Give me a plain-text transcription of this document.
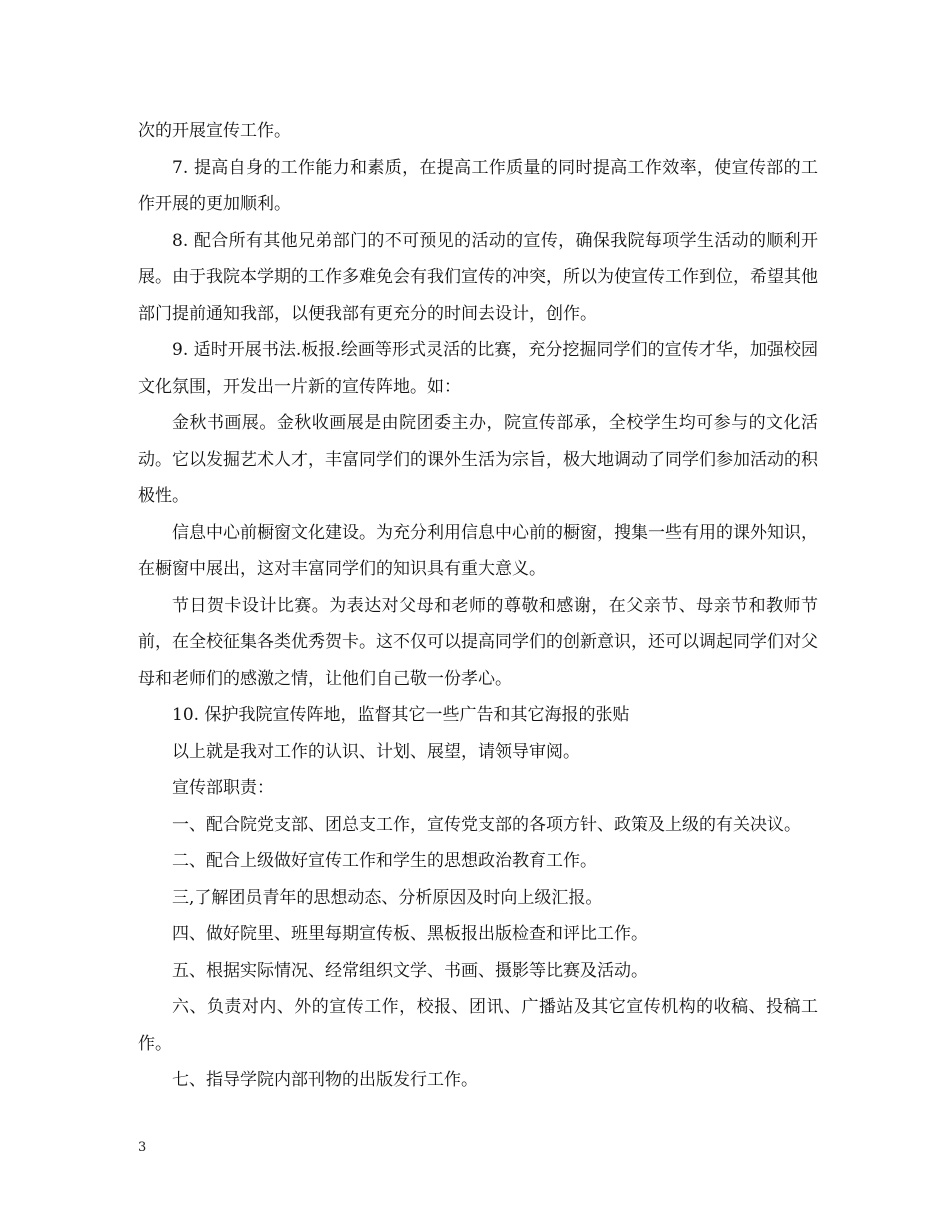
次的开展宣传工作。

7. 提高自身的工作能力和素质，在提高工作质量的同时提高工作效率，使宣传部的工作开展的更加顺利。

8. 配合所有其他兄弟部门的不可预见的活动的宣传，确保我院每项学生活动的顺利开展。由于我院本学期的工作多难免会有我们宣传的冲突，所以为使宣传工作到位，希望其他部门提前通知我部，以便我部有更充分的时间去设计，创作。

9. 适时开展书法.板报.绘画等形式灵活的比赛，充分挖掘同学们的宣传才华，加强校园文化氛围，开发出一片新的宣传阵地。如：

金秋书画展。金秋收画展是由院团委主办，院宣传部承，全校学生均可参与的文化活动。它以发掘艺术人才，丰富同学们的课外生活为宗旨，极大地调动了同学们参加活动的积极性。

信息中心前橱窗文化建设。为充分利用信息中心前的橱窗，搜集一些有用的课外知识，在橱窗中展出，这对丰富同学们的知识具有重大意义。

节日贺卡设计比赛。为表达对父母和老师的尊敬和感谢，在父亲节、母亲节和教师节前，在全校征集各类优秀贺卡。这不仅可以提高同学们的创新意识，还可以调起同学们对父母和老师们的感激之情，让他们自己敬一份孝心。

10. 保护我院宣传阵地，监督其它一些广告和其它海报的张贴

以上就是我对工作的认识、计划、展望，请领导审阅。

宣传部职责：

一、配合院党支部、团总支工作，宣传党支部的各项方针、政策及上级的有关决议。

二、配合上级做好宣传工作和学生的思想政治教育工作。

三,了解团员青年的思想动态、分析原因及时向上级汇报。

四、做好院里、班里每期宣传板、黑板报出版检查和评比工作。

五、根据实际情况、经常组织文学、书画、摄影等比赛及活动。

六、负责对内、外的宣传工作，校报、团讯、广播站及其它宣传机构的收稿、投稿工作。

七、指导学院内部刊物的出版发行工作。

3
